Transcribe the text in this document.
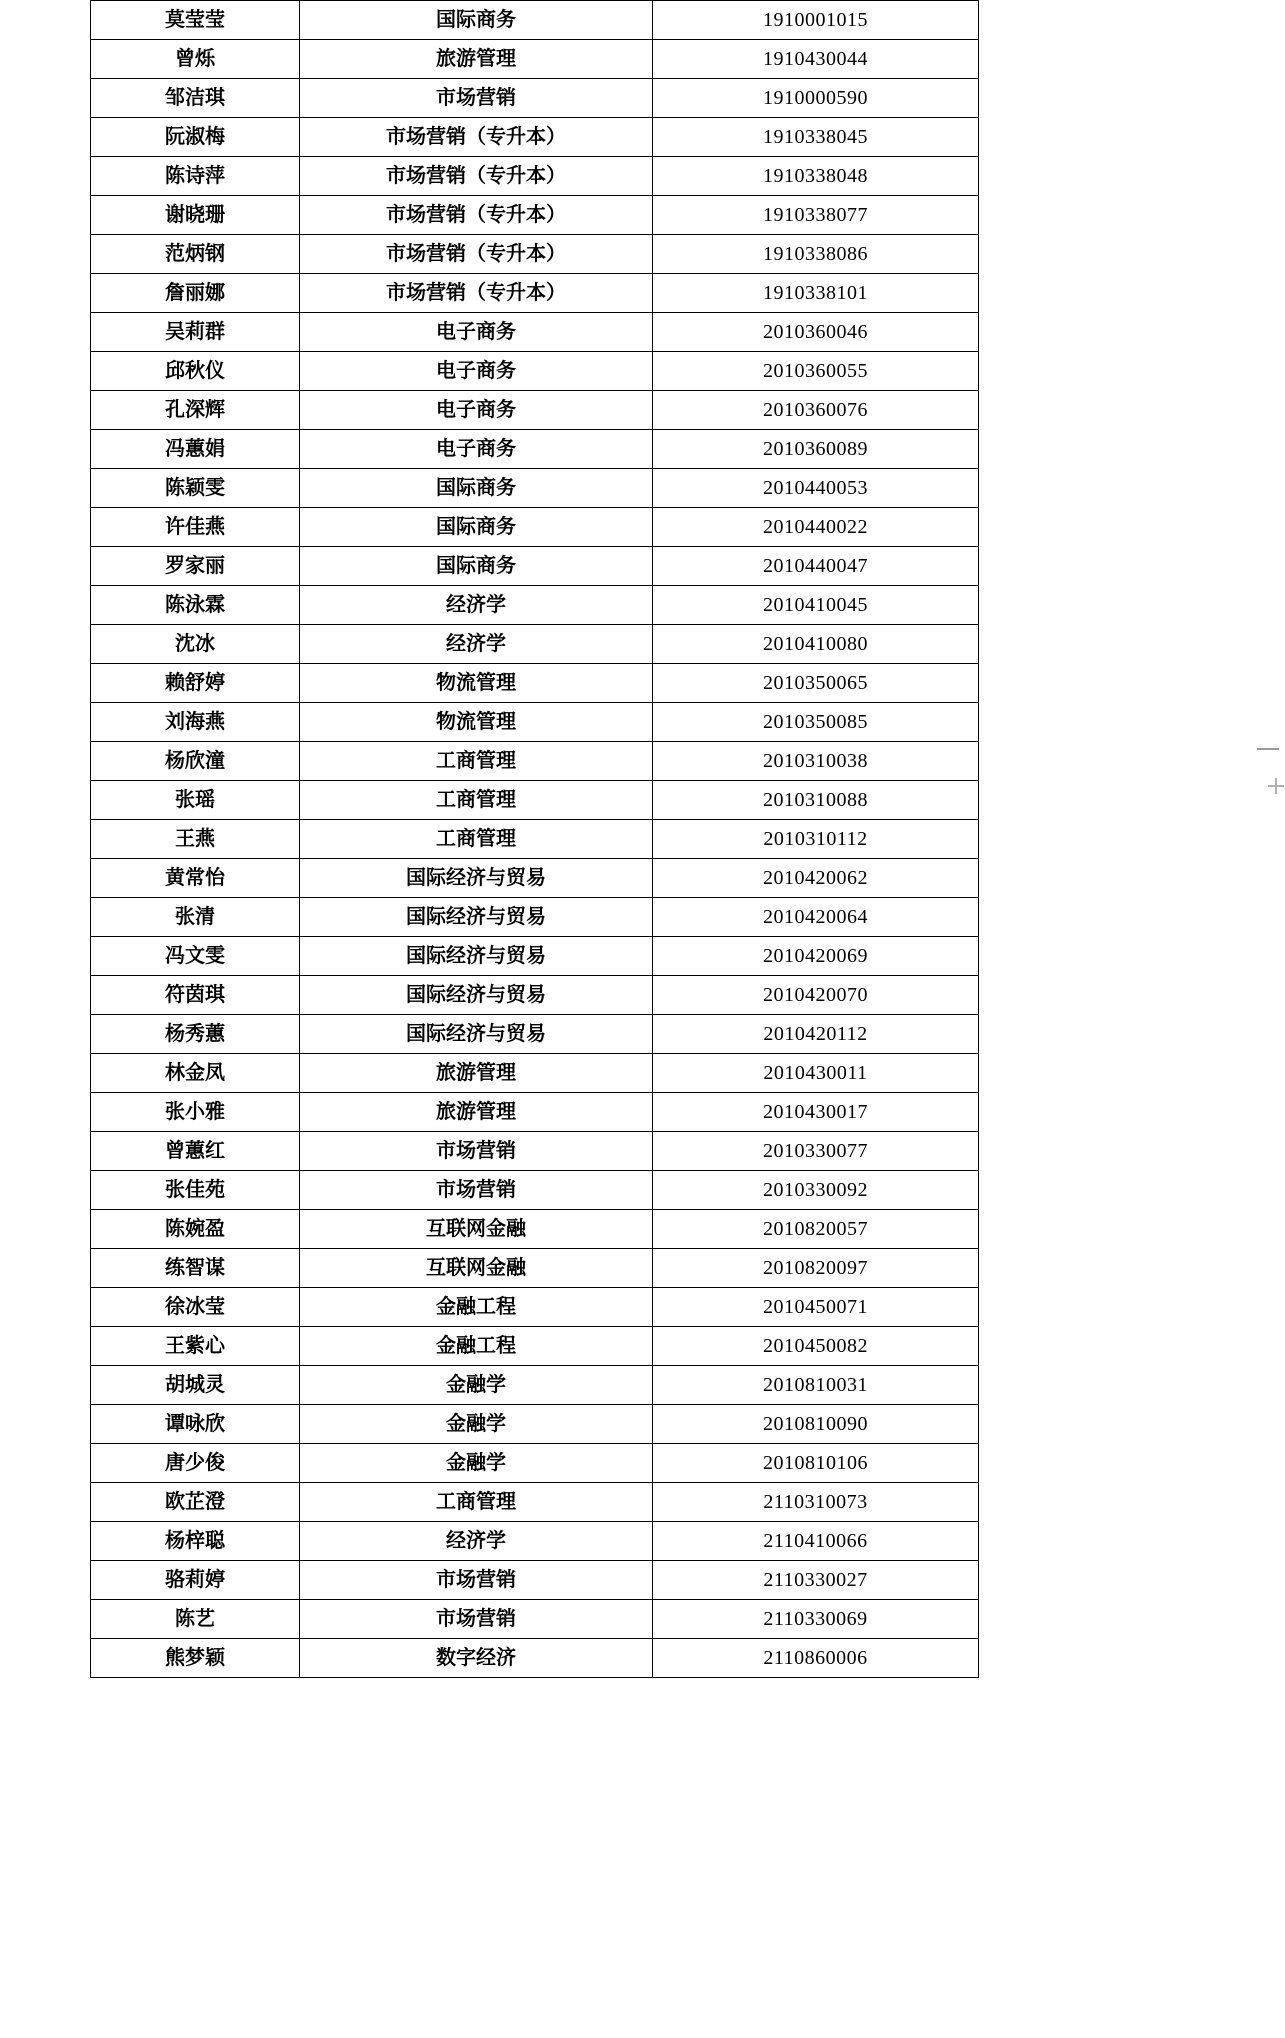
莫莹莹	国际商务	1910001015
曾烁	旅游管理	1910430044
邹洁琪	市场营销	1910000590
阮淑梅	市场营销（专升本）	1910338045
陈诗萍	市场营销（专升本）	1910338048
谢晓珊	市场营销（专升本）	1910338077
范炳钢	市场营销（专升本）	1910338086
詹丽娜	市场营销（专升本）	1910338101
吴莉群	电子商务	2010360046
邱秋仪	电子商务	2010360055
孔深辉	电子商务	2010360076
冯蕙娟	电子商务	2010360089
陈颖雯	国际商务	2010440053
许佳燕	国际商务	2010440022
罗家丽	国际商务	2010440047
陈泳霖	经济学	2010410045
沈冰	经济学	2010410080
赖舒婷	物流管理	2010350065
刘海燕	物流管理	2010350085
杨欣潼	工商管理	2010310038
张瑶	工商管理	2010310088
王燕	工商管理	2010310112
黄常怡	国际经济与贸易	2010420062
张清	国际经济与贸易	2010420064
冯文雯	国际经济与贸易	2010420069
符茵琪	国际经济与贸易	2010420070
杨秀蕙	国际经济与贸易	2010420112
林金凤	旅游管理	2010430011
张小雅	旅游管理	2010430017
曾蕙红	市场营销	2010330077
张佳苑	市场营销	2010330092
陈婉盈	互联网金融	2010820057
练智谋	互联网金融	2010820097
徐冰莹	金融工程	2010450071
王紫心	金融工程	2010450082
胡城灵	金融学	2010810031
谭咏欣	金融学	2010810090
唐少俊	金融学	2010810106
欧芷澄	工商管理	2110310073
杨梓聪	经济学	2110410066
骆莉婷	市场营销	2110330027
陈艺	市场营销	2110330069
熊梦颖	数字经济	2110860006
